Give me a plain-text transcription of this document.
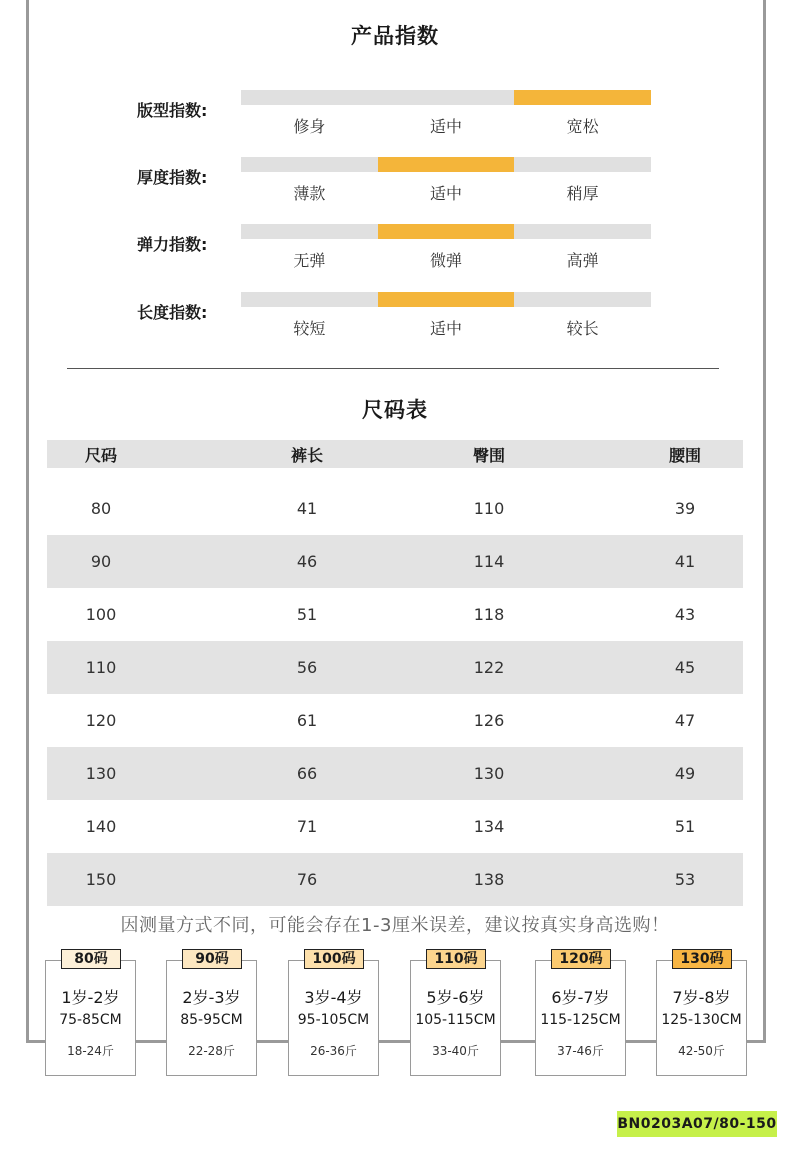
产品指数
版型指数:
修身	适中	宽松
厚度指数:
薄款	适中	稍厚
弹力指数:
无弹	微弹	高弹
长度指数:
较短	适中	较长
尺码表
尺码	裤长	臀围	腰围
80	41	110	39
90	46	114	41
100	51	118	43
110	56	122	45
120	61	126	47
130	66	130	49
140	71	134	51
150	76	138	53
因测量方式不同，可能会存在1-3厘米误差，建议按真实身高选购！
80码
1岁-2岁
75-85CM
18-24斤
90码
2岁-3岁
85-95CM
22-28斤
100码
3岁-4岁
95-105CM
26-36斤
110码
5岁-6岁
105-115CM
33-40斤
120码
6岁-7岁
115-125CM
37-46斤
130码
7岁-8岁
125-130CM
42-50斤
BN0203A07/80-150
